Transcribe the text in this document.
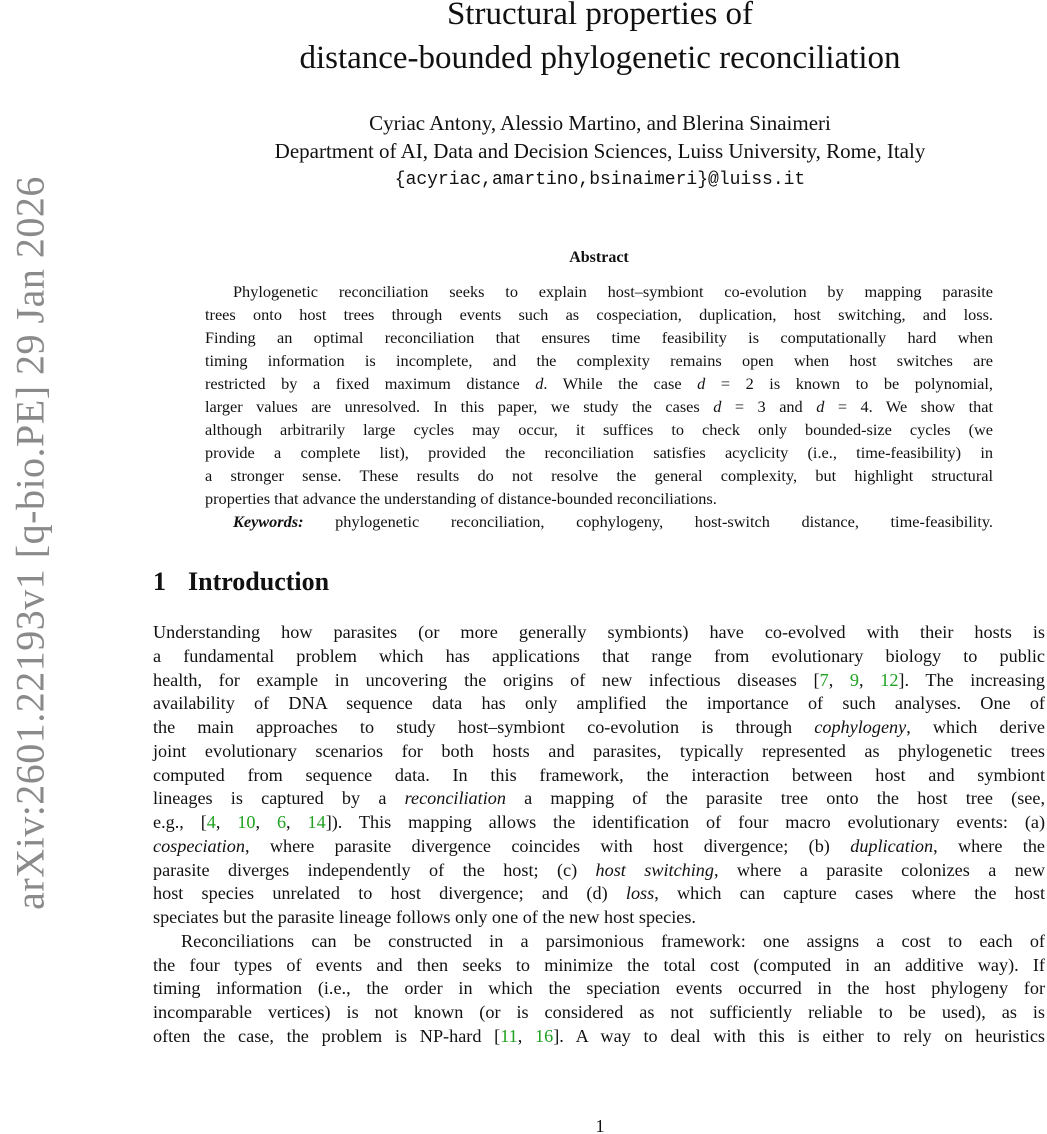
arXiv:2601.22193v1 [q-bio.PE] 29 Jan 2026
Structural properties of
distance-bounded phylogenetic reconciliation
Cyriac Antony, Alessio Martino, and Blerina Sinaimeri
Department of AI, Data and Decision Sciences, Luiss University, Rome, Italy
{acyriac,amartino,bsinaimeri}@luiss.it
Abstract
Phylogenetic reconciliation seeks to explain host–symbiont co-evolution by mapping parasite
trees onto host trees through events such as cospeciation, duplication, host switching, and loss.
Finding an optimal reconciliation that ensures time feasibility is computationally hard when
timing information is incomplete, and the complexity remains open when host switches are
restricted by a fixed maximum distance d. While the case d = 2 is known to be polynomial,
larger values are unresolved. In this paper, we study the cases d = 3 and d = 4. We show that
although arbitrarily large cycles may occur, it suffices to check only bounded-size cycles (we
provide a complete list), provided the reconciliation satisfies acyclicity (i.e., time-feasibility) in
a stronger sense. These results do not resolve the general complexity, but highlight structural
properties that advance the understanding of distance-bounded reconciliations.
Keywords: phylogenetic reconciliation, cophylogeny, host-switch distance, time-feasibility.
1 Introduction
Understanding how parasites (or more generally symbionts) have co-evolved with their hosts is
a fundamental problem which has applications that range from evolutionary biology to public
health, for example in uncovering the origins of new infectious diseases [7, 9, 12]. The increasing
availability of DNA sequence data has only amplified the importance of such analyses. One of
the main approaches to study host–symbiont co-evolution is through cophylogeny, which derive
joint evolutionary scenarios for both hosts and parasites, typically represented as phylogenetic trees
computed from sequence data. In this framework, the interaction between host and symbiont
lineages is captured by a reconciliation a mapping of the parasite tree onto the host tree (see,
e.g., [4, 10, 6, 14]). This mapping allows the identification of four macro evolutionary events: (a)
cospeciation, where parasite divergence coincides with host divergence; (b) duplication, where the
parasite diverges independently of the host; (c) host switching, where a parasite colonizes a new
host species unrelated to host divergence; and (d) loss, which can capture cases where the host
speciates but the parasite lineage follows only one of the new host species.
Reconciliations can be constructed in a parsimonious framework: one assigns a cost to each of
the four types of events and then seeks to minimize the total cost (computed in an additive way). If
timing information (i.e., the order in which the speciation events occurred in the host phylogeny for
incomparable vertices) is not known (or is considered as not sufficiently reliable to be used), as is
often the case, the problem is NP-hard [11, 16]. A way to deal with this is either to rely on heuristics
1
